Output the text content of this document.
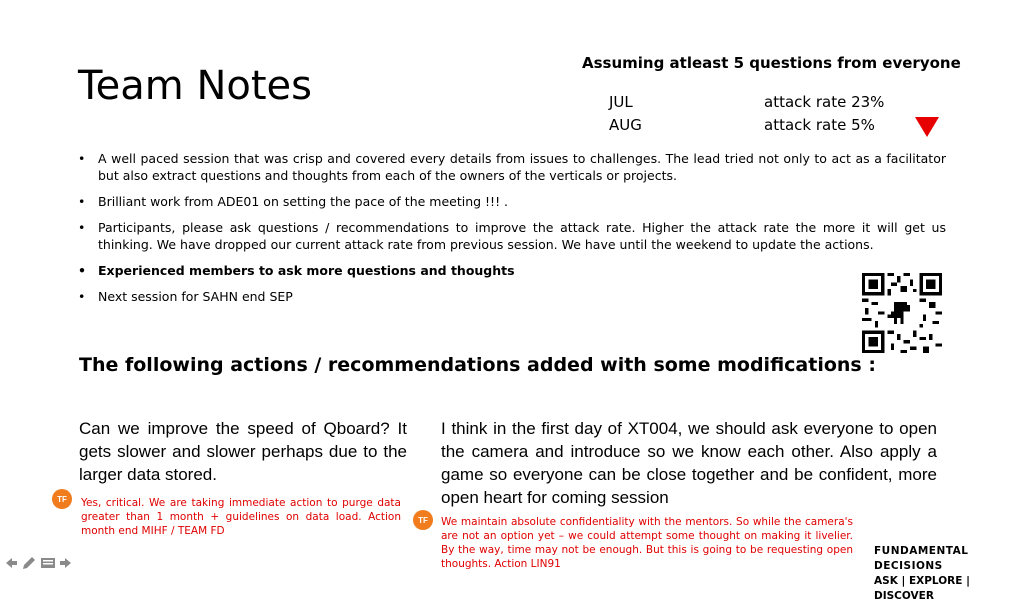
Team Notes	Assuming atleast 5 questions from everyone
JUL	attack rate 23%
AUG	attack rate 5%
• A well paced session that was crisp and covered every details from issues to challenges. The lead tried not only to act as a facilitator but also extract questions and thoughts from each of the owners of the verticals or projects.
• Brilliant work from ADE01 on setting the pace of the meeting !!! .
• Participants, please ask questions / recommendations to improve the attack rate. Higher the attack rate the more it will get us thinking. We have dropped our current attack rate from previous session. We have until the weekend to update the actions.
• Experienced members to ask more questions and thoughts
• Next session for SAHN end SEP
The following actions / recommendations added with some modifications :
Can we improve the speed of Qboard? It gets slower and slower perhaps due to the larger data stored.
TF	Yes, critical. We are taking immediate action to purge data greater than 1 month + guidelines on data load. Action month end MIHF / TEAM FD
I think in the first day of XT004, we should ask everyone to open the camera and introduce so we know each other. Also apply a game so everyone can be close together and be confident, more open heart for coming session
TF	We maintain absolute confidentiality with the mentors. So while the camera's are not an option yet – we could attempt some thought on making it livelier. By the way, time may not be enough. But this is going to be requesting open thoughts. Action LIN91
FUNDAMENTAL DECISIONS
ASK | EXPLORE | DISCOVER
